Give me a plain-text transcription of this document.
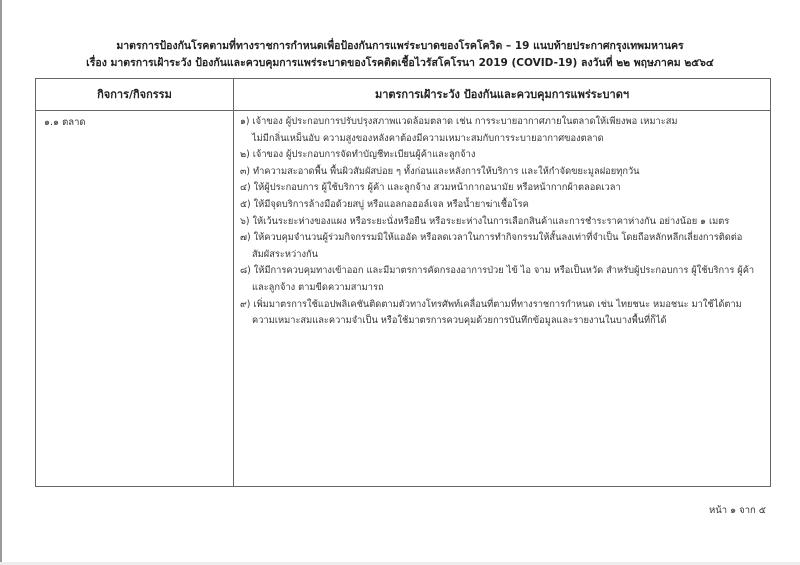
มาตรการป้องกันโรคตามที่ทางราชการกำหนดเพื่อป้องกันการแพร่ระบาดของโรคโควิด – 19 แนบท้ายประกาศกรุงเทพมหานคร
เรื่อง มาตรการเฝ้าระวัง ป้องกันและควบคุมการแพร่ระบาดของโรคติดเชื้อไวรัสโคโรนา 2019 (COVID-19) ลงวันที่ ๒๒ พฤษภาคม ๒๕๖๔
กิจการ/กิจกรรม	มาตรการเฝ้าระวัง ป้องกันและควบคุมการแพร่ระบาดฯ
๑.๑ ตลาด	๑) เจ้าของ ผู้ประกอบการปรับปรุงสภาพแวดล้อมตลาด เช่น การระบายอากาศภายในตลาดให้เพียงพอ เหมาะสม
ไม่มีกลิ่นเหม็นอับ ความสูงของหลังคาต้องมีความเหมาะสมกับการระบายอากาศของตลาด
๒) เจ้าของ ผู้ประกอบการจัดทำบัญชีทะเบียนผู้ค้าและลูกจ้าง
๓) ทำความสะอาดพื้น พื้นผิวสัมผัสบ่อย ๆ ทั้งก่อนและหลังการให้บริการ และให้กำจัดขยะมูลฝอยทุกวัน
๔) ให้ผู้ประกอบการ ผู้ใช้บริการ ผู้ค้า และลูกจ้าง สวมหน้ากากอนามัย หรือหน้ากากผ้าตลอดเวลา
๕) ให้มีจุดบริการล้างมือด้วยสบู่ หรือแอลกอฮอล์เจล หรือน้ำยาฆ่าเชื้อโรค
๖) ให้เว้นระยะห่างของแผง หรือระยะนั่งหรือยืน หรือระยะห่างในการเลือกสินค้าและการชำระราคาห่างกัน อย่างน้อย ๑ เมตร
๗) ให้ควบคุมจำนวนผู้ร่วมกิจกรรมมิให้แออัด หรือลดเวลาในการทำกิจกรรมให้สั้นลงเท่าที่จำเป็น โดยถือหลักหลีกเลี่ยงการติดต่อ
สัมผัสระหว่างกัน
๘) ให้มีการควบคุมทางเข้าออก และมีมาตรการคัดกรองอาการป่วย ไข้ ไอ จาม หรือเป็นหวัด สำหรับผู้ประกอบการ ผู้ใช้บริการ ผู้ค้า
และลูกจ้าง ตามขีดความสามารถ
๙) เพิ่มมาตรการใช้แอปพลิเคชันติดตามตัวทางโทรศัพท์เคลื่อนที่ตามที่ทางราชการกำหนด เช่น ไทยชนะ หมอชนะ มาใช้ได้ตาม
ความเหมาะสมและความจำเป็น หรือใช้มาตรการควบคุมด้วยการบันทึกข้อมูลและรายงานในบางพื้นที่ก็ได้
หน้า ๑ จาก ๕
